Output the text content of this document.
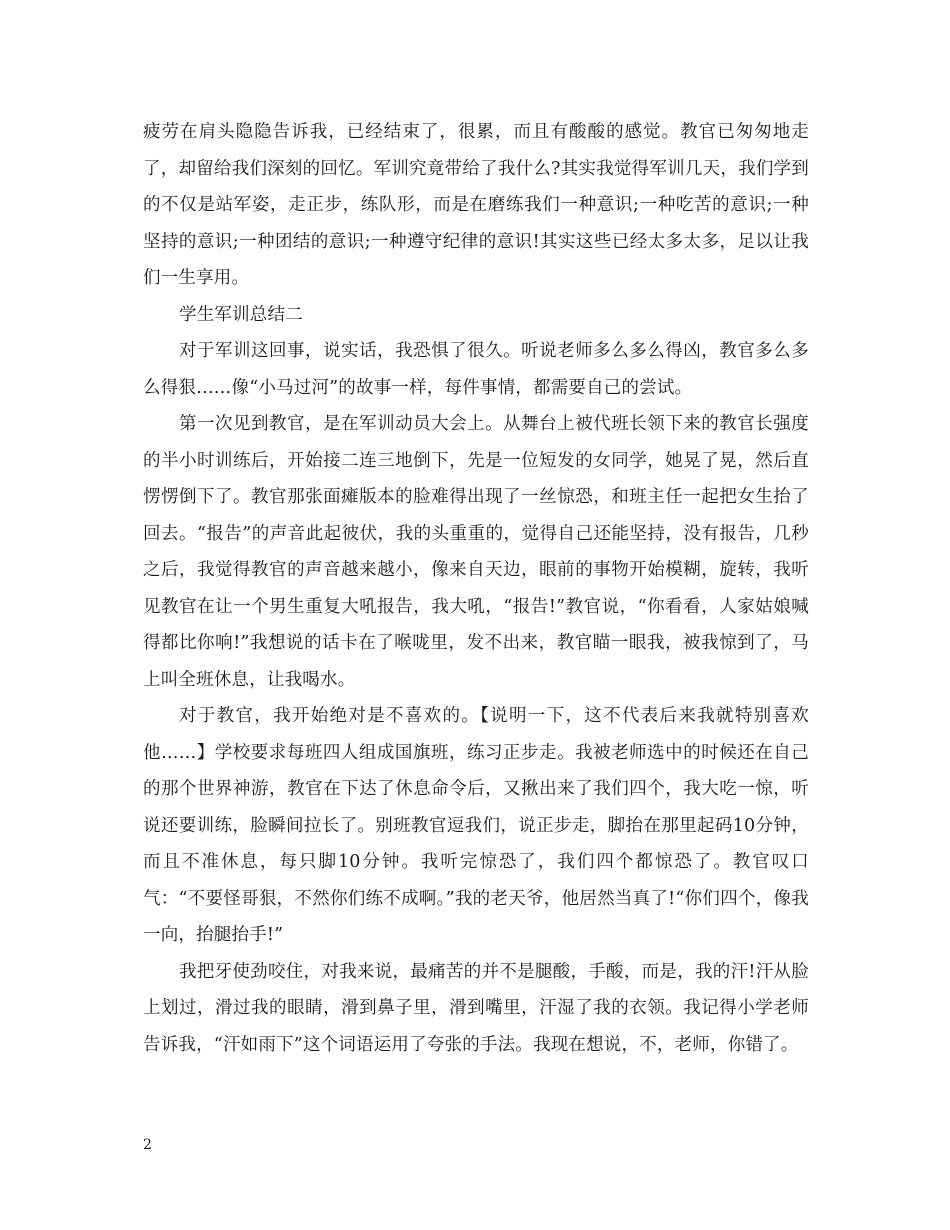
疲劳在肩头隐隐告诉我，已经结束了，很累，而且有酸酸的感觉。教官已匆匆地走了，却留给我们深刻的回忆。军训究竟带给了我什么?其实我觉得军训几天，我们学到的不仅是站军姿，走正步，练队形，而是在磨练我们一种意识;一种吃苦的意识;一种坚持的意识;一种团结的意识;一种遵守纪律的意识!其实这些已经太多太多，足以让我们一生享用。

学生军训总结二

对于军训这回事，说实话，我恐惧了很久。听说老师多么多么得凶，教官多么多么得狠……像“小马过河”的故事一样，每件事情，都需要自己的尝试。

第一次见到教官，是在军训动员大会上。从舞台上被代班长领下来的教官长强度的半小时训练后，开始接二连三地倒下，先是一位短发的女同学，她晃了晃，然后直愣愣倒下了。教官那张面瘫版本的脸难得出现了一丝惊恐，和班主任一起把女生抬了回去。“报告”的声音此起彼伏，我的头重重的，觉得自己还能坚持，没有报告，几秒之后，我觉得教官的声音越来越小，像来自天边，眼前的事物开始模糊，旋转，我听见教官在让一个男生重复大吼报告，我大吼，“报告!”教官说，“你看看，人家姑娘喊得都比你响!”我想说的话卡在了喉咙里，发不出来，教官瞄一眼我，被我惊到了，马上叫全班休息，让我喝水。

对于教官，我开始绝对是不喜欢的。【说明一下，这不代表后来我就特别喜欢他……】学校要求每班四人组成国旗班，练习正步走。我被老师选中的时候还在自己的那个世界神游，教官在下达了休息命令后，又揪出来了我们四个，我大吃一惊，听说还要训练，脸瞬间拉长了。别班教官逗我们，说正步走，脚抬在那里起码10分钟，而且不准休息，每只脚10分钟。我听完惊恐了，我们四个都惊恐了。教官叹口气：“不要怪哥狠，不然你们练不成啊。”我的老天爷，他居然当真了!“你们四个，像我一向，抬腿抬手!”

我把牙使劲咬住，对我来说，最痛苦的并不是腿酸，手酸，而是，我的汗!汗从脸上划过，滑过我的眼睛，滑到鼻子里，滑到嘴里，汗湿了我的衣领。我记得小学老师告诉我，“汗如雨下”这个词语运用了夸张的手法。我现在想说，不，老师，你错了。

2
